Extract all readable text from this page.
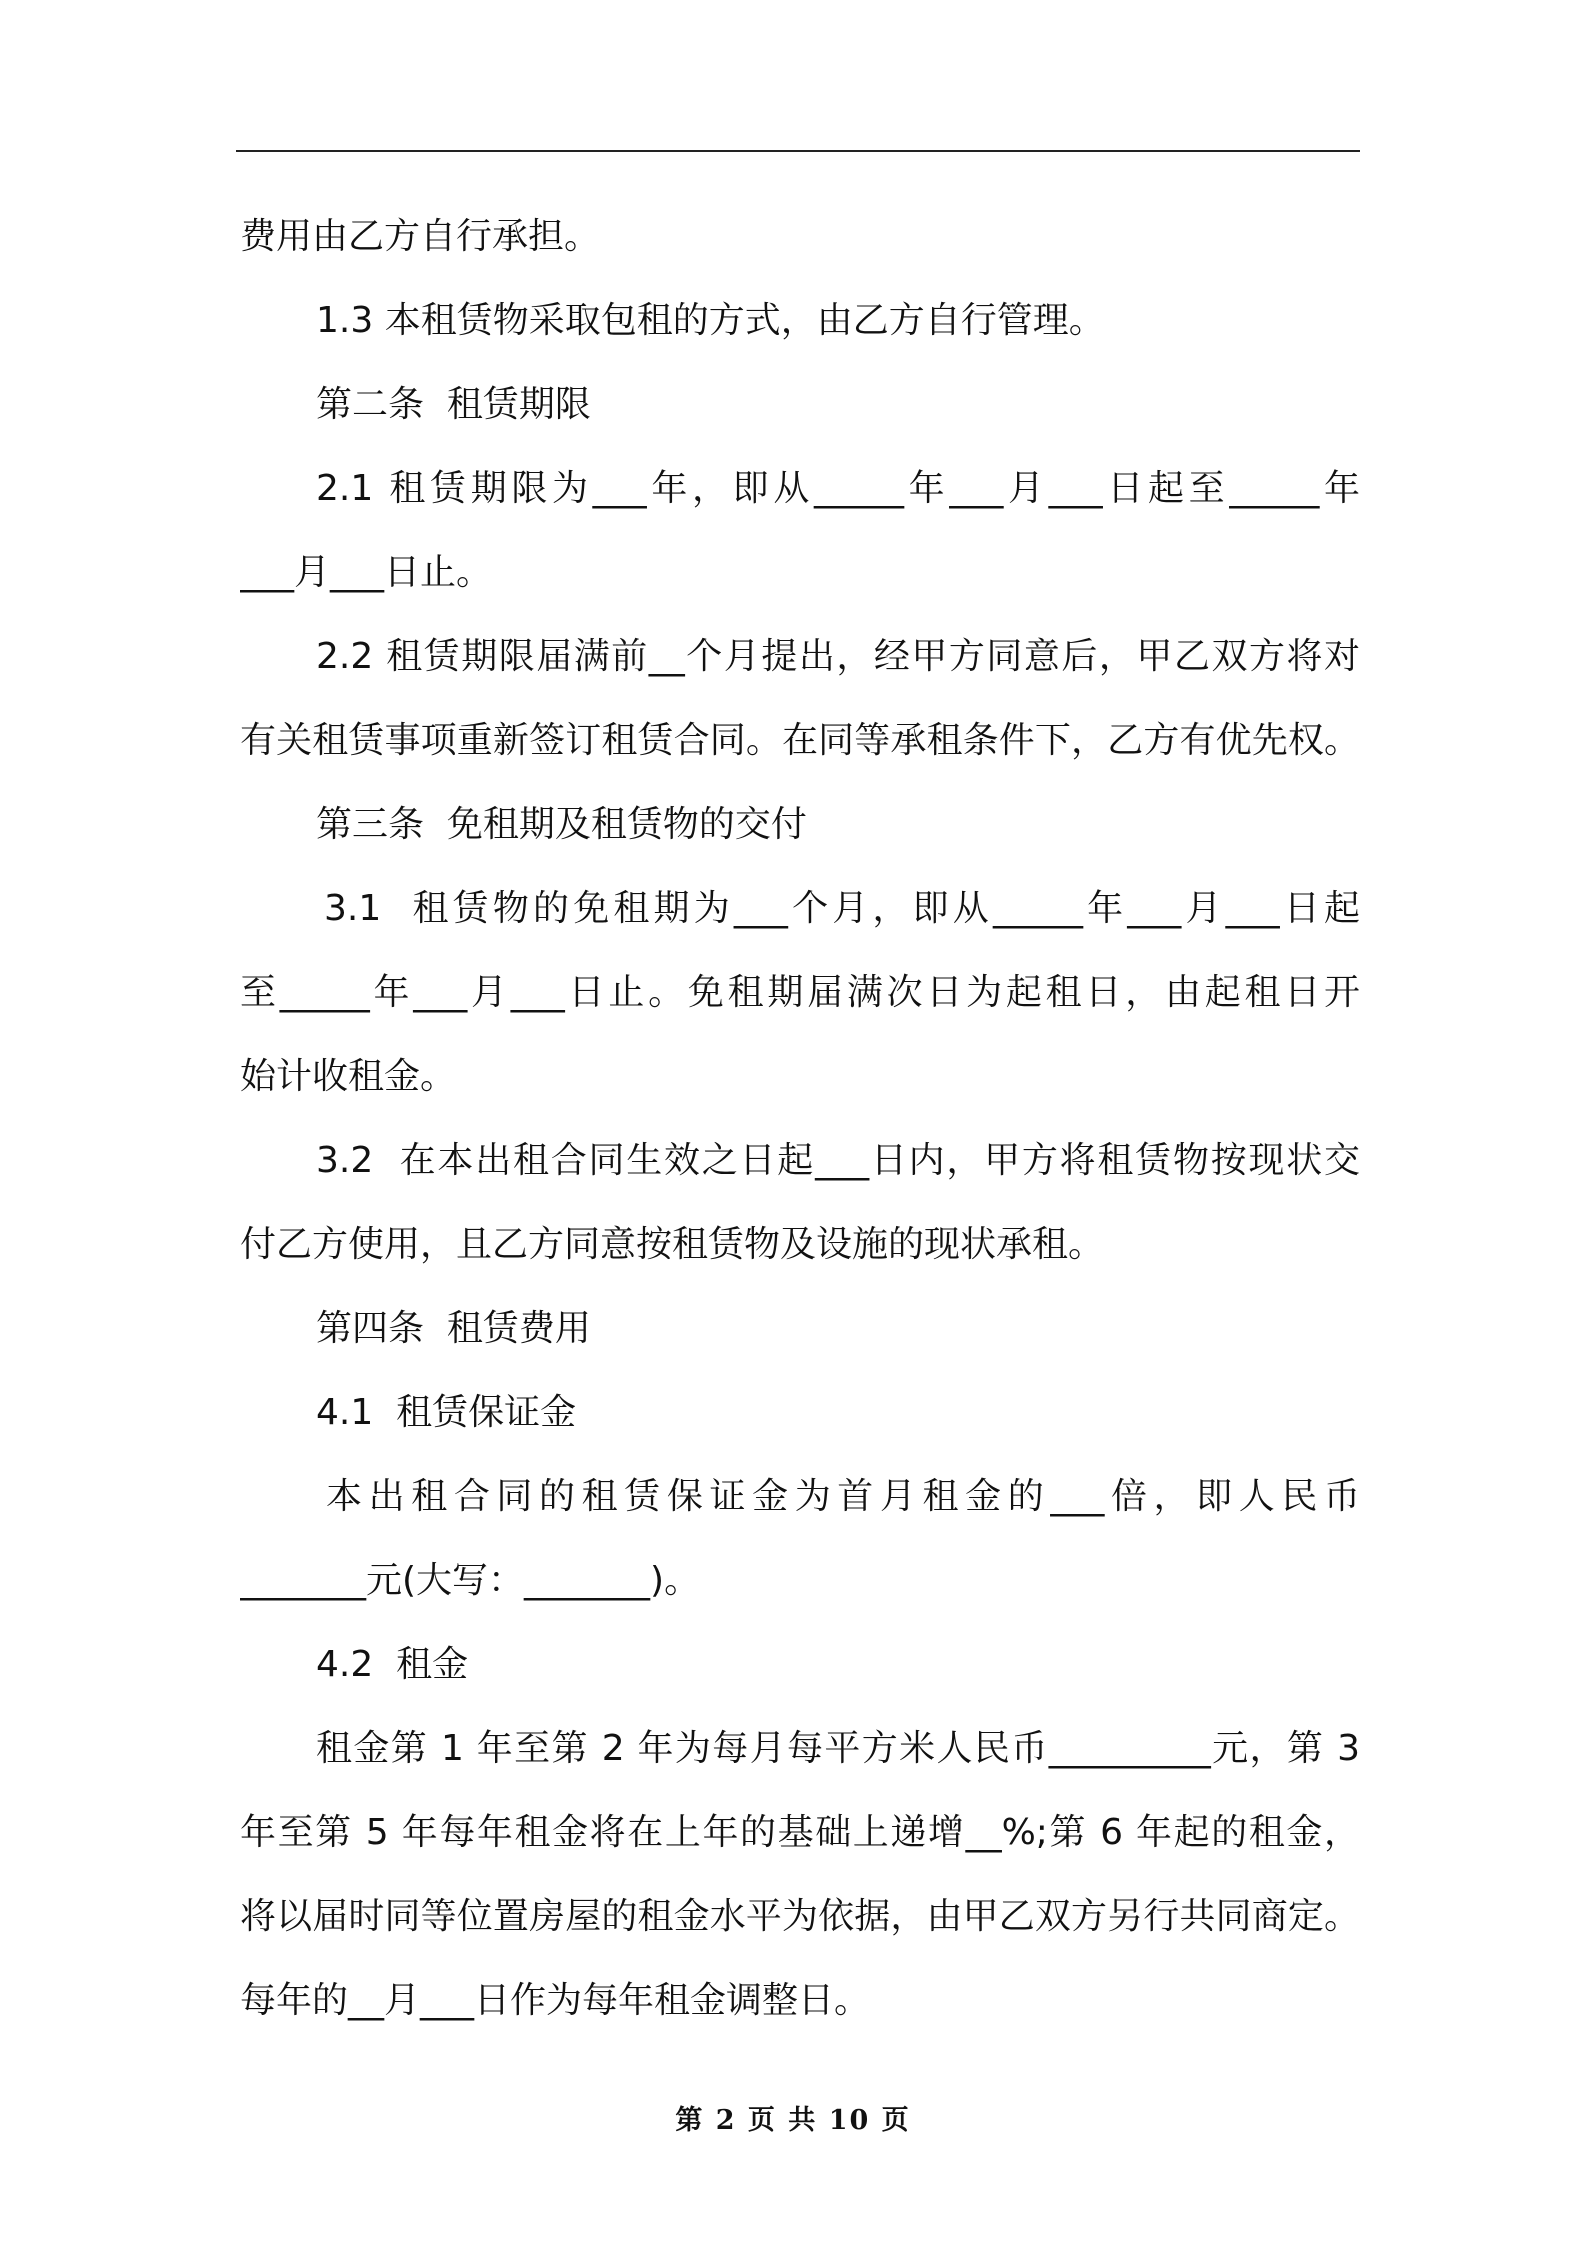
费用由乙方自行承担。
1.3 本租赁物采取包租的方式，由乙方自行管理。
第二条  租赁期限
2.1 租赁期限为___年，即从_____年___月___日起至_____年
___月___日止。
2.2 租赁期限届满前__个月提出，经甲方同意后，甲乙双方将对
有关租赁事项重新签订租赁合同。在同等承租条件下，乙方有优先权。
第三条  免租期及租赁物的交付
3.1  租赁物的免租期为___个月，即从_____年___月___日起
至_____年___月___日止。免租期届满次日为起租日，由起租日开
始计收租金。
3.2  在本出租合同生效之日起___日内，甲方将租赁物按现状交
付乙方使用，且乙方同意按租赁物及设施的现状承租。
第四条  租赁费用
4.1  租赁保证金
本出租合同的租赁保证金为首月租金的___倍，即人民币
_______元(大写：_______)。
4.2  租金
租金第 1 年至第 2 年为每月每平方米人民币_________元，第 3
年至第 5 年每年租金将在上年的基础上递增__%;第 6 年起的租金，
将以届时同等位置房屋的租金水平为依据，由甲乙双方另行共同商定。
每年的__月___日作为每年租金调整日。
第 2 页 共 10 页
